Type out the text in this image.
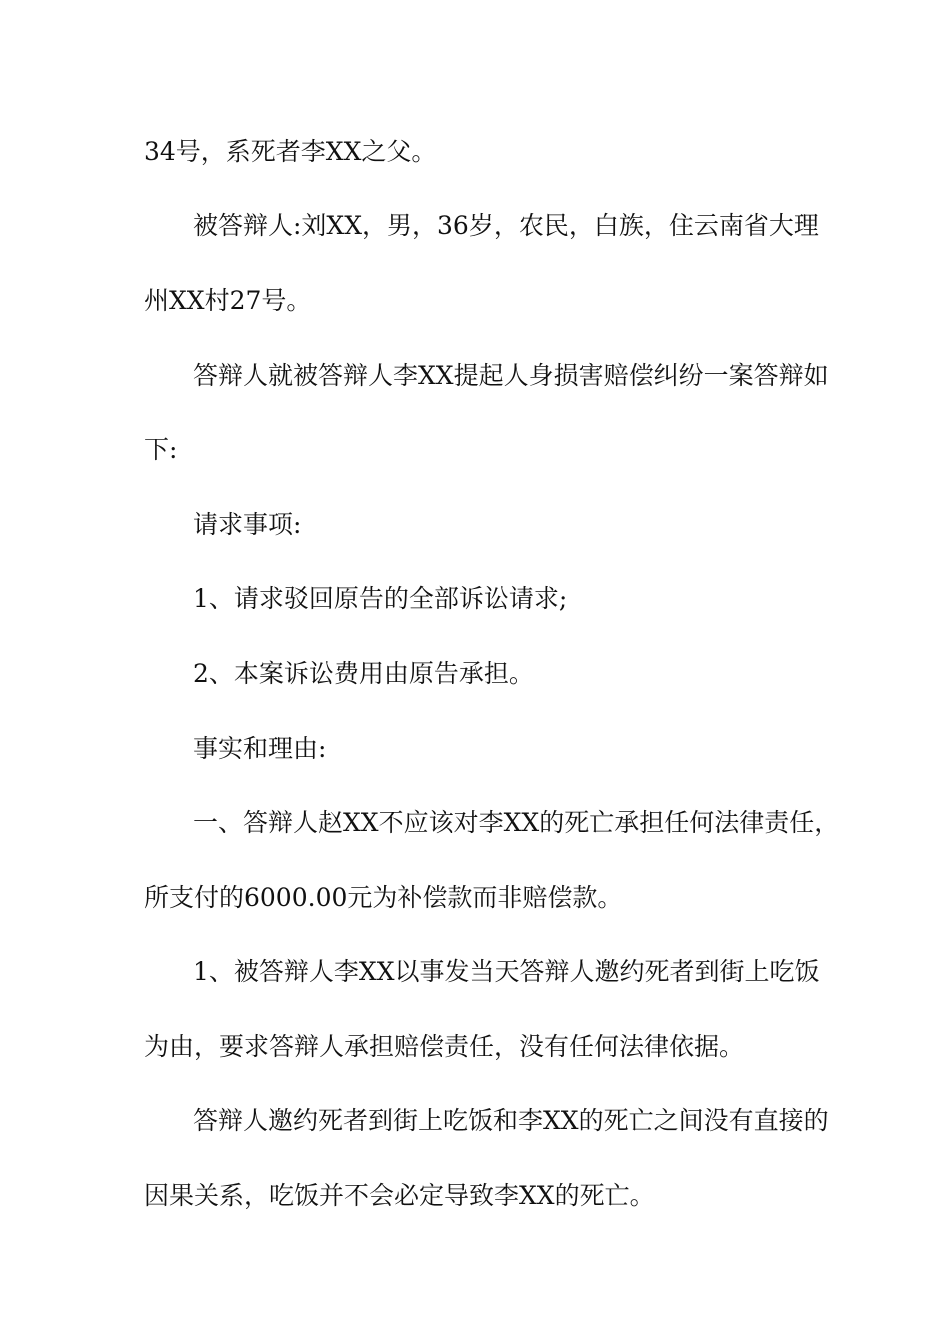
34号，系死者李XX之父。
被答辩人:刘XX，男，36岁，农民，白族，住云南省大理
州XX村27号。
答辩人就被答辩人李XX提起人身损害赔偿纠纷一案答辩如
下:
请求事项:
1、请求驳回原告的全部诉讼请求;
2、本案诉讼费用由原告承担。
事实和理由:
一、答辩人赵XX不应该对李XX的死亡承担任何法律责任，
所支付的6000.00元为补偿款而非赔偿款。
1、被答辩人李XX以事发当天答辩人邀约死者到街上吃饭
为由，要求答辩人承担赔偿责任，没有任何法律依据。
答辩人邀约死者到街上吃饭和李XX的死亡之间没有直接的
因果关系，吃饭并不会必定导致李XX的死亡。
